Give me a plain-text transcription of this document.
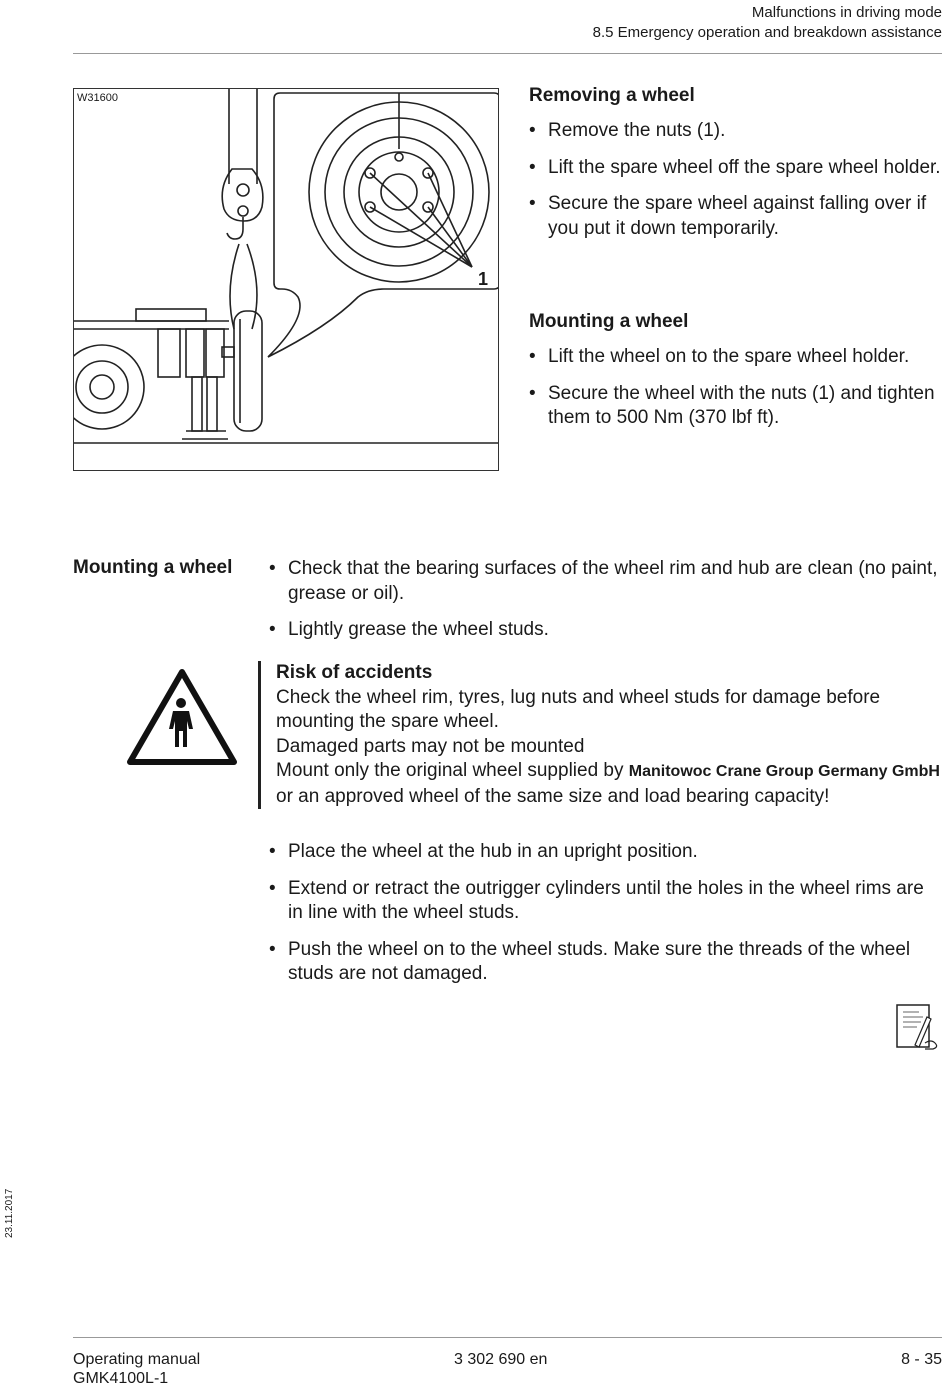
Malfunctions in driving mode
8.5 Emergency operation and breakdown assistance
W31600
1
Removing a wheel
• Remove the nuts (1).
• Lift the spare wheel off the spare wheel holder.
• Secure the spare wheel against falling over if you put it down temporarily.
Mounting a wheel
• Lift the wheel on to the spare wheel holder.
• Secure the wheel with the nuts (1) and tighten them to 500 Nm (370 lbf ft).
Mounting a wheel	• Check that the bearing surfaces of the wheel rim and hub are clean (no paint, grease or oil).
• Lightly grease the wheel studs.
Risk of accidents
Check the wheel rim, tyres, lug nuts and wheel studs for damage before mounting the spare wheel.
Damaged parts may not be mounted
Mount only the original wheel supplied by Manitowoc Crane Group Germany GmbH or an approved wheel of the same size and load bearing capacity!
• Place the wheel at the hub in an upright position.
• Extend or retract the outrigger cylinders until the holes in the wheel rims are in line with the wheel studs.
• Push the wheel on to the wheel studs. Make sure the threads of the wheel studs are not damaged.
23.11.2017
Operating manual
GMK4100L-1
3 302 690 en	8 - 35
